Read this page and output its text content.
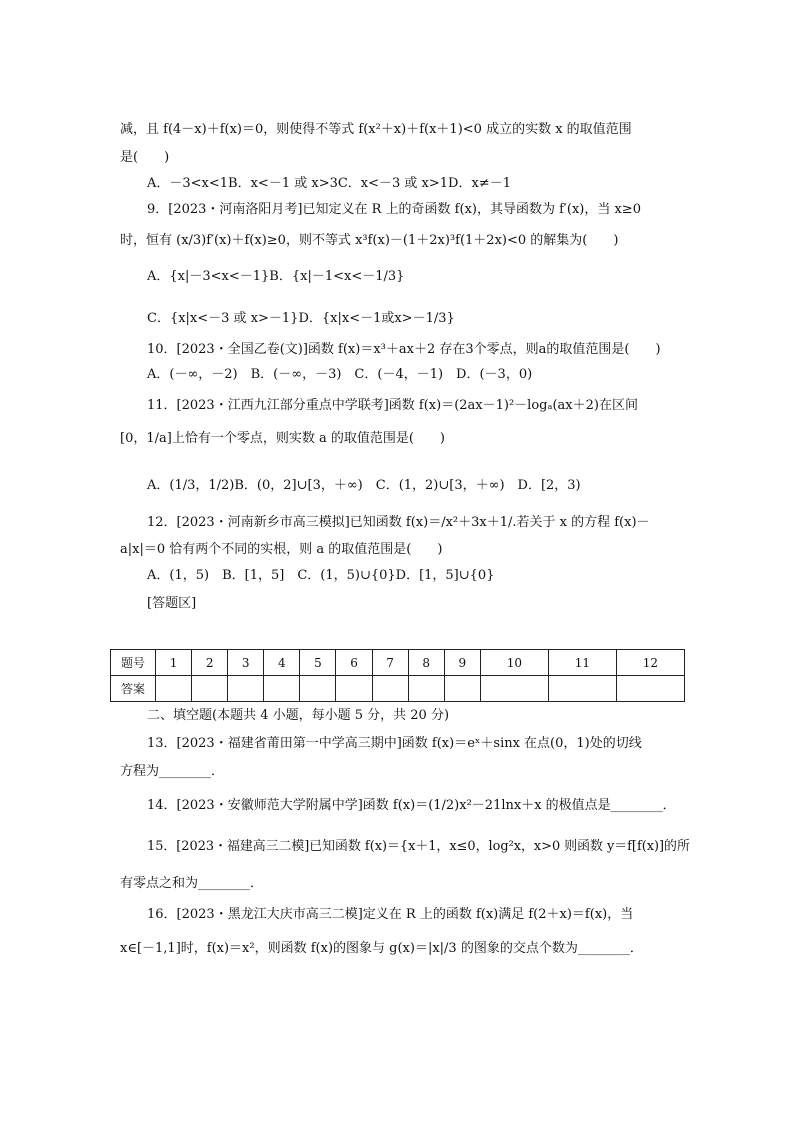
减，且 f(4－x)＋f(x)＝0，则使得不等式 f(x²＋x)＋f(x＋1)<0 成立的实数 x 的取值范围
是(　　)
A．－3<x<1B．x<－1 或 x>3C．x<－3 或 x>1D．x≠－1
9．[2023・河南洛阳月考]已知定义在 R 上的奇函数 f(x)，其导函数为 f′(x)，当 x≥0
时，恒有 (x/3)f′(x)＋f(x)≥0，则不等式 x³f(x)－(1＋2x)³f(1＋2x)<0 的解集为(　　)
A．{x|－3<x<－1}B．{x|－1<x<－1/3}
C．{x|x<－3 或 x>－1}D．{x|x<－1或x>－1/3}
10．[2023・全国乙卷(文)]函数 f(x)＝x³＋ax＋2 存在3个零点，则a的取值范围是(　　)
A．(－∞，－2)　B．(－∞，－3)　C．(－4，－1)　D．(－3，0)
11．[2023・江西九江部分重点中学联考]函数 f(x)＝(2ax－1)²－logₐ(ax＋2)在区间
[0，1/a]上恰有一个零点，则实数 a 的取值范围是(　　)
A．(1/3，1/2)B．(0，2]∪[3，＋∞)　C．(1，2)∪[3，＋∞)　D．[2，3)
12．[2023・河南新乡市高三模拟]已知函数 f(x)＝/x²＋3x＋1/.若关于 x 的方程 f(x)－
a|x|＝0 恰有两个不同的实根，则 a 的取值范围是(　　)
A．(1，5)　B．[1，5]　C．(1，5)∪{0}D．[1，5]∪{0}
[答题区]
题号	1	2	3	4	5	6	7	8	9	10	11	12
答案												
二、填空题(本题共 4 小题，每小题 5 分，共 20 分)
13．[2023・福建省莆田第一中学高三期中]函数 f(x)＝eˣ＋sinx 在点(0，1)处的切线
方程为________．
14．[2023・安徽师范大学附属中学]函数 f(x)＝(1/2)x²－21lnx＋x 的极值点是________．
15．[2023・福建高三二模]已知函数 f(x)＝{x＋1，x≤0，log²x，x>0 则函数 y＝f[f(x)]的所
有零点之和为________．
16．[2023・黑龙江大庆市高三二模]定义在 R 上的函数 f(x)满足 f(2＋x)＝f(x)，当
x∈[－1,1]时，f(x)＝x²，则函数 f(x)的图象与 g(x)＝|x|/3 的图象的交点个数为________．
